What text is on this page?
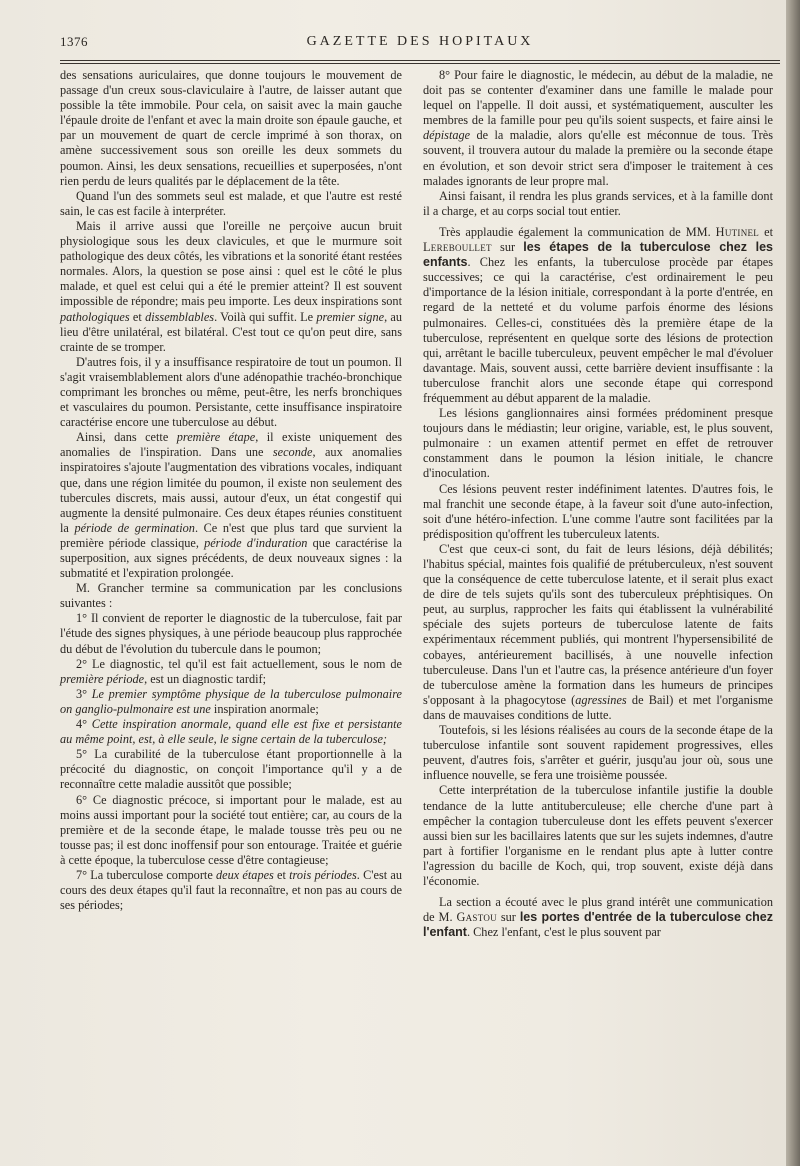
1376	GAZETTE DES HOPITAUX

des sensations auriculaires, que donne toujours le mouvement de passage d'un creux sous-claviculaire à l'autre, de laisser autant que possible la tête immobile. Pour cela, on saisit avec la main gauche l'épaule droite de l'enfant et avec la main droite son épaule gauche, et par un mouvement de quart de cercle imprimé à son thorax, on amène successivement sous son oreille les deux sommets du poumon. Ainsi, les deux sensations, recueillies et superposées, n'ont rien perdu de leurs qualités par le déplacement de la tête.

Quand l'un des sommets seul est malade, et que l'autre est resté sain, le cas est facile à interpréter.

Mais il arrive aussi que l'oreille ne perçoive aucun bruit physiologique sous les deux clavicules, et que le murmure soit pathologique des deux côtés, les vibrations et la sonorité étant restées normales. Alors, la question se pose ainsi : quel est le côté le plus malade, et quel est celui qui a été le premier atteint? Il est souvent impossible de répondre; mais peu importe. Les deux inspirations sont pathologiques et dissemblables. Voilà qui suffit. Le premier signe, au lieu d'être unilatéral, est bilatéral. C'est tout ce qu'on peut dire, sans crainte de se tromper.

D'autres fois, il y a insuffisance respiratoire de tout un poumon. Il s'agit vraisemblablement alors d'une adénopathie trachéo-bronchique comprimant les bronches ou même, peut-être, les nerfs bronchiques et vasculaires du poumon. Persistante, cette insuffisance inspiratoire caractérise encore une tuberculose au début.

Ainsi, dans cette première étape, il existe uniquement des anomalies de l'inspiration. Dans une seconde, aux anomalies inspiratoires s'ajoute l'augmentation des vibrations vocales, indiquant que, dans une région limitée du poumon, il existe non seulement des tubercules discrets, mais aussi, autour d'eux, un état congestif qui augmente la densité pulmonaire. Ces deux étapes réunies constituent la période de germination. Ce n'est que plus tard que survient la première période classique, période d'induration que caractérise la superposition, aux signes précédents, de deux nouveaux signes : la submatité et l'expiration prolongée.

M. Grancher termine sa communication par les conclusions suivantes :

1° Il convient de reporter le diagnostic de la tuberculose, fait par l'étude des signes physiques, à une période beaucoup plus rapprochée du début de l'évolution du tubercule dans le poumon;

2° Le diagnostic, tel qu'il est fait actuellement, sous le nom de première période, est un diagnostic tardif;

3° Le premier symptôme physique de la tuberculose pulmonaire on ganglio-pulmonaire est une inspiration anormale;

4° Cette inspiration anormale, quand elle est fixe et persistante au même point, est, à elle seule, le signe certain de la tuberculose;

5° La curabilité de la tuberculose étant proportionnelle à la précocité du diagnostic, on conçoit l'importance qu'il y a de reconnaître cette maladie aussitôt que possible;

6° Ce diagnostic précoce, si important pour le malade, est au moins aussi important pour la société tout entière; car, au cours de la première et de la seconde étape, le malade tousse très peu ou ne tousse pas; il est donc inoffensif pour son entourage. Traitée et guérie à cette époque, la tuberculose cesse d'être contagieuse;

7° La tuberculose comporte deux étapes et trois périodes. C'est au cours des deux étapes qu'il faut la reconnaître, et non pas au cours de ses périodes;

8° Pour faire le diagnostic, le médecin, au début de la maladie, ne doit pas se contenter d'examiner dans une famille le malade pour lequel on l'appelle. Il doit aussi, et systématiquement, ausculter les membres de la famille pour peu qu'ils soient suspects, et faire ainsi le dépistage de la maladie, alors qu'elle est méconnue de tous. Très souvent, il trouvera autour du malade la première ou la seconde étape en évolution, et son devoir strict sera d'imposer le traitement à ces malades ignorants de leur propre mal.

Ainsi faisant, il rendra les plus grands services, et à la famille dont il a charge, et au corps social tout entier.

Très applaudie également la communication de MM. Hutinel et Lereboullet sur les étapes de la tuberculose chez les enfants. Chez les enfants, la tuberculose procède par étapes successives; ce qui la caractérise, c'est ordinairement le peu d'importance de la lésion initiale, correspondant à la porte d'entrée, en regard de la netteté et du volume parfois énorme des lésions pulmonaires. Celles-ci, constituées dès la première étape de la tuberculose, représentent en quelque sorte des lésions de protection qui, arrêtant le bacille tuberculeux, peuvent empêcher le mal d'évoluer davantage. Mais, souvent aussi, cette barrière devient insuffisante : la tuberculose franchit alors une seconde étape qui correspond fréquemment au début apparent de la maladie.

Les lésions ganglionnaires ainsi formées prédominent presque toujours dans le médiastin; leur origine, variable, est, le plus souvent, pulmonaire : un examen attentif permet en effet de retrouver constamment dans le poumon la lésion initiale, le chancre d'inoculation.

Ces lésions peuvent rester indéfiniment latentes. D'autres fois, le mal franchit une seconde étape, à la faveur soit d'une auto-infection, soit d'une hétéro-infection. L'une comme l'autre sont facilitées par la prédisposition qu'offrent les tuberculeux latents.

C'est que ceux-ci sont, du fait de leurs lésions, déjà débilités; l'habitus spécial, maintes fois qualifié de prétuberculeux, n'est souvent que la conséquence de cette tuberculose latente, et il serait plus exact de dire de tels sujets qu'ils sont des tuberculeux préphtisiques. On peut, au surplus, rapprocher les faits qui établissent la vulnérabilité spéciale des sujets porteurs de tuberculose latente de faits expérimentaux récemment publiés, qui montrent l'hypersensibilité de cobayes, antérieurement bacillisés, à une nouvelle infection tuberculeuse. Dans l'un et l'autre cas, la présence antérieure d'un foyer de tuberculose amène la formation dans les humeurs de principes s'opposant à la phagocytose (agressines de Bail) et met l'organisme dans de mauvaises conditions de lutte.

Toutefois, si les lésions réalisées au cours de la seconde étape de la tuberculose infantile sont souvent rapidement progressives, elles peuvent, d'autres fois, s'arrêter et guérir, jusqu'au jour où, sous une influence nouvelle, se fera une troisième poussée.

Cette interprétation de la tuberculose infantile justifie la double tendance de la lutte antituberculeuse; elle cherche d'une part à empêcher la contagion tuberculeuse dont les effets peuvent s'exercer aussi bien sur les bacillaires latents que sur les sujets indemnes, d'autre part à fortifier l'organisme en le rendant plus apte à lutter contre l'agression du bacille de Koch, qui, trop souvent, existe déjà dans l'économie.

La section a écouté avec le plus grand intérêt une communication de M. Gastou sur les portes d'entrée de la tuberculose chez l'enfant. Chez l'enfant, c'est le plus souvent par
